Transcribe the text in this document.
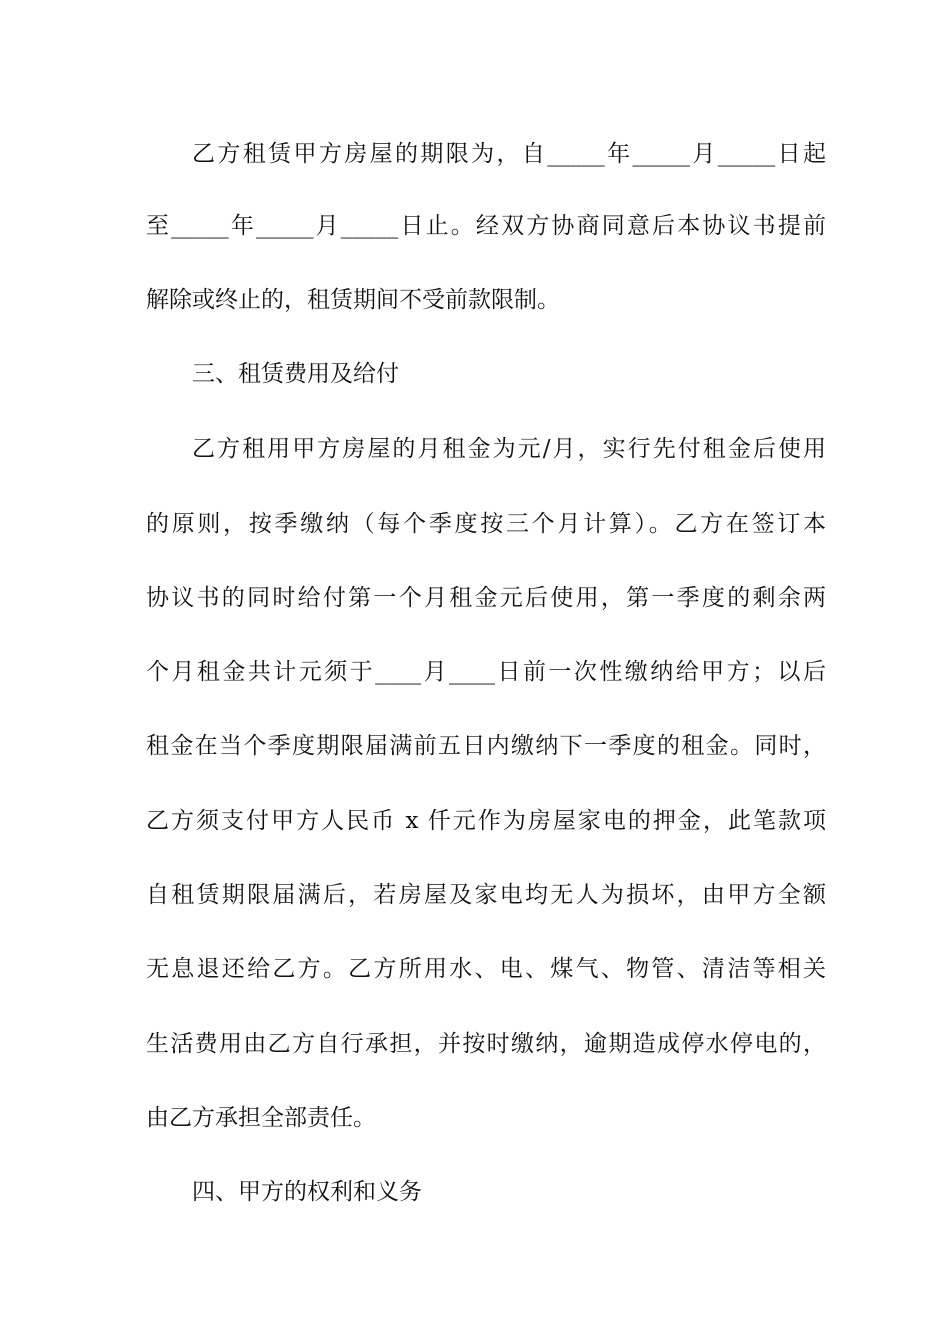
乙方租赁甲方房屋的期限为，自_____年_____月_____日起
至_____年_____月_____日止。经双方协商同意后本协议书提前
解除或终止的，租赁期间不受前款限制。
三、租赁费用及给付
乙方租用甲方房屋的月租金为元/月，实行先付租金后使用
的原则，按季缴纳（每个季度按三个月计算）。乙方在签订本
协议书的同时给付第一个月租金元后使用，第一季度的剩余两
个月租金共计元须于____月____日前一次性缴纳给甲方；以后
租金在当个季度期限届满前五日内缴纳下一季度的租金。同时，
乙方须支付甲方人民币 x 仟元作为房屋家电的押金，此笔款项
自租赁期限届满后，若房屋及家电均无人为损坏，由甲方全额
无息退还给乙方。乙方所用水、电、煤气、物管、清洁等相关
生活费用由乙方自行承担，并按时缴纳，逾期造成停水停电的，
由乙方承担全部责任。
四、甲方的权利和义务
